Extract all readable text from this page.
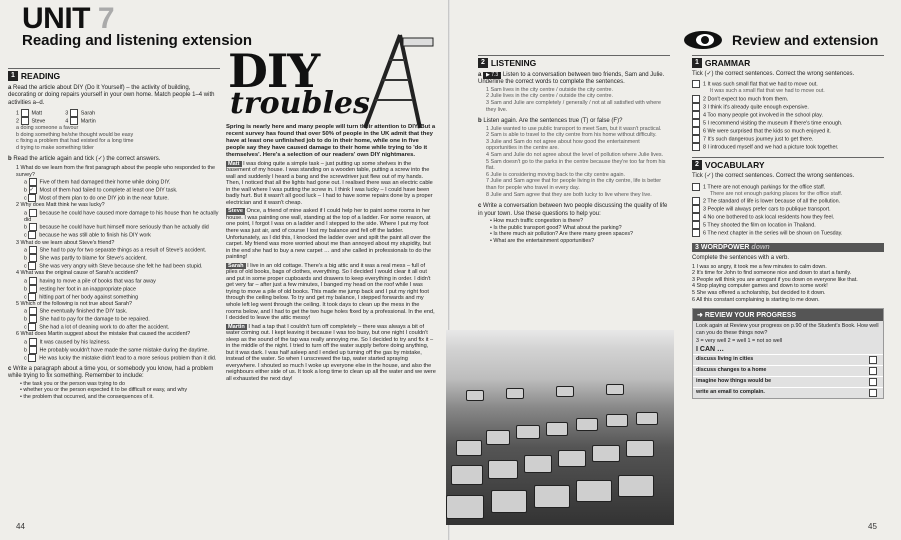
UNIT 7
Reading and listening extension
1 READING
a Read the article about DIY (Do It Yourself) – the activity of building, decorating or doing repairs yourself in your own home. Match people 1–4 with activities a–d.
1 Matt
2 Steve
3 Sarah
4 Martin
a doing someone a favour
b doing something he/she thought would be easy
c fixing a problem that had existed for a long time
d trying to make something tidier
b Read the article again and tick (✓) the correct answers.
1 What do we learn from the first paragraph about the people who responded to the survey?
a Five of them had damaged their home while doing DIY.
b ✓ Most of them had failed to complete at least one DIY task.
c Most of them plan to do one DIY job in the near future.
2 Why does Matt think he was lucky?
a because he could have caused more damage to his house than he actually did
b because he could have hurt himself more seriously than he actually did
c because he was still able to finish his DIY work
3 What do we learn about Steve's friend?
a She had to pay for two separate things as a result of Steve's accident.
b She was partly to blame for Steve's accident.
c She was very angry with Steve because she felt he had been stupid.
4 What was the original cause of Sarah's accident?
a having to move a pile of books that was far away
b resting her foot in an inappropriate place
c hitting part of her body against something
5 Which of the following is not true about Sarah?
a She eventually finished the DIY task.
b She had to pay for the damage to be repaired.
c She had a lot of cleaning work to do after the accident.
6 What does Martin suggest about the mistake that caused the accident?
a It was caused by his laziness.
b He probably wouldn't have made the same mistake during the daytime.
c He was lucky the mistake didn't lead to a more serious problem than it did.
c Write a paragraph about a time you, or somebody you know, had a problem while trying to fix something. Remember to include:
• the task you or the person was trying to do
• whether you or the person expected it to be difficult or easy, and why
• the problem that occurred, and the consequences of it.
DIY
troubles
Spring is nearly here and many people will turn their attention to DIY. But a recent survey has found that over 50% of people in the UK admit that they have at least one unfinished job to do in their home, while one in five people say they have caused damage to their home while trying to 'do it themselves'. Here's a selection of our readers' own DIY nightmares.
Matt I was doing quite a simple task – just putting up some shelves in the basement of my house. I was standing on a wooden table, putting a screw into the wall and suddenly I heard a bang and the screwdriver just flew out of my hands. Then, I noticed that all the lights had gone out. I realised there was an electric cable in the wall where I was putting the screw in. I think I was lucky – I could have been badly hurt. But it wasn't all good luck – I had to have some repairs done by a proper electrician and it wasn't cheap.
Steve Once, a friend of mine asked if I could help her to paint some rooms in her house. I was painting one wall, standing at the top of a ladder. For some reason, at one point, I forgot I was on a ladder and I stepped to the side. Where I put my foot there was just air, and of course I lost my balance and fell off the ladder. Unfortunately, as I did this, I knocked the ladder over and spilt the paint all over the carpet. My friend was more worried about me than annoyed about my stupidity, but in the end she had to buy a new carpet … and she called in professionals to do the painting!
Sarah I live in an old cottage. There's a big attic and it was a real mess – full of piles of old books, bags of clothes, everything. So I decided I would clear it all out and put in some proper cupboards and drawers to keep everything in order. I didn't get very far – after just a few minutes, I banged my head on the roof while I was trying to move a pile of old books. This made me jump back and I put my right foot through the ceiling below. To try and get my balance, I stepped forwards and my whole left leg went through the ceiling. It took days to clean up the mess in the rooms below, and I had to get the two huge holes fixed by a professional. In the end, I decided to leave the attic messy!
Martin I had a tap that I couldn't turn off completely – there was always a bit of water coming out. I kept leaving it because I was too busy, but one night I couldn't sleep as the sound of the tap was really annoying me. So I decided to try and fix it – in the middle of the night. I tried to turn off the water supply before doing anything, but it was dark. I was half asleep and I ended up turning off the gas by mistake, instead of the water. So when I unscrewed the tap, water started spraying everywhere. I shouted so much I woke up everyone else in the house, and also the neighbours either side of us. It took a long time to clean up all the water and we were all exhausted the next day!
2 LISTENING
a ▶ 7.3 Listen to a conversation between two friends, Sam and Julie. Underline the correct words to complete the sentences.
1 Sam lives in the city centre / outside the city centre.
2 Julie lives in the city centre / outside the city centre.
3 Sam and Julie are completely / generally / not at all satisfied with where they live.
b Listen again. Are the sentences true (T) or false (F)?
1 Julie wanted to use public transport to meet Sam, but it wasn't practical.
2 Sam is able to travel to the city centre from his home without difficulty.
3 Julie and Sam do not agree about how good the entertainment opportunities in the centre are.
4 Sam and Julie do not agree about the level of pollution where Julie lives.
5 Sam doesn't go to the parks in the centre because they're too far from his flat.
6 Julie is considering moving back to the city centre again.
7 Julie and Sam agree that for people living in the city centre, life is better than for people who travel in every day.
8 Julie and Sam agree that they are both lucky to live where they live.
c Write a conversation between two people discussing the quality of life in your town. Use these questions to help you:
• How much traffic congestion is there?
• Is the public transport good? What about the parking?
• Is there much air pollution? Are there many green spaces?
• What are the entertainment opportunities?
Review and extension
1 GRAMMAR
Tick (✓) the correct sentences. Correct the wrong sentences.
1 It was such small flat that we had to move out.
It was such a small flat that we had to move out.
2 Don't expect too much from them.
3 I think it's already quite enough expensive.
4 Too many people got involved in the school play.
5 I recommend visiting the museum if there's time enough.
6 We were surprised that the kids so much enjoyed it.
7 It's such dangerous journey just to get there.
8 I introduced myself and we had a picture took together.
2 VOCABULARY
Tick (✓) the correct sentences. Correct the wrong sentences.
1 There are not enough parkings for the office staff.
There are not enough parking places for the office staff.
2 The standard of life is lower because of all the pollution.
3 People will always prefer cars to publique transport.
4 No one bothered to ask local residents how they feel.
5 They shooted the film on location in Thailand.
6 The next chapter in the series will be shown on Tuesday.
3 WORDPOWER down
Complete the sentences with a verb.
1 I was so angry, it took me a few minutes to calm down.
2 It's time for John to find someone nice and down to start a family.
3 People will think you are arrogant if you down on everyone like that.
4 Stop playing computer games and down to some work!
5 She was offered a scholarship, but decided to it down.
6 All this constant complaining is starting to me down.
➜ REVIEW YOUR PROGRESS
Look again at Review your progress on p.90 of the Student's Book. How well can you do these things now?
3 = very well 2 = well 1 = not so well
I CAN …
discuss living in cities
discuss changes to a home
imagine how things would be
write an email to complain.
44	45
